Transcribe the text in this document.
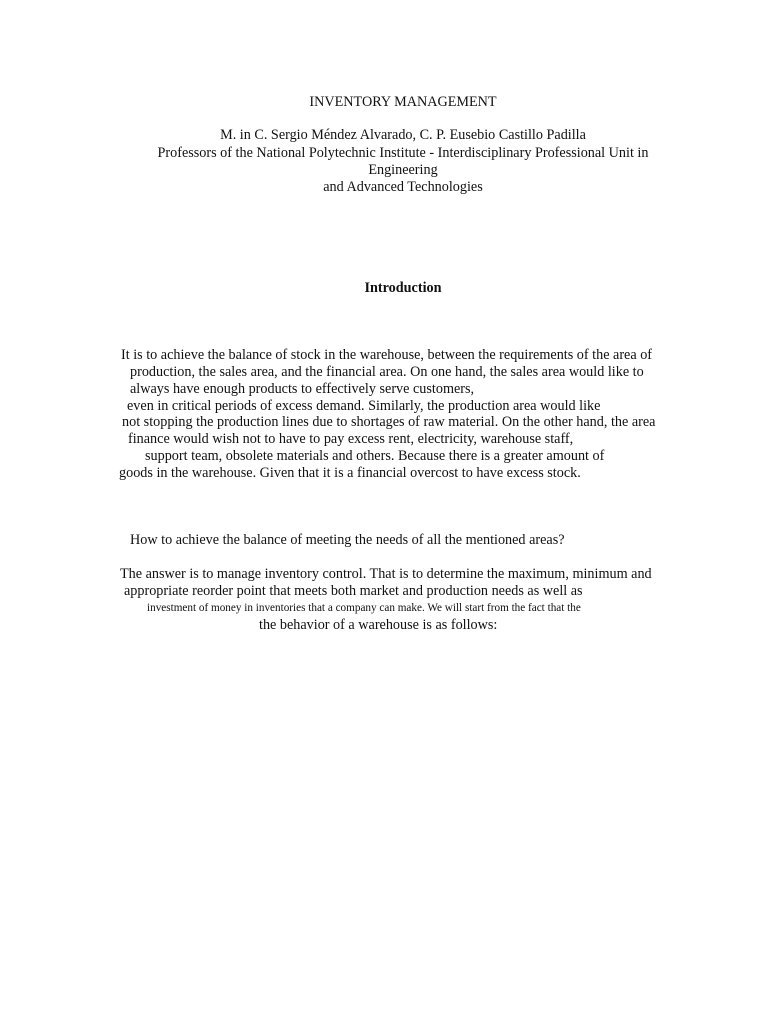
INVENTORY MANAGEMENT
M. in C. Sergio Méndez Alvarado, C. P. Eusebio Castillo Padilla
Professors of the National Polytechnic Institute - Interdisciplinary Professional Unit in
Engineering
and Advanced Technologies
Introduction
It is to achieve the balance of stock in the warehouse, between the requirements of the area of
production, the sales area, and the financial area. On one hand, the sales area would like to
always have enough products to effectively serve customers,
even in critical periods of excess demand. Similarly, the production area would like
not stopping the production lines due to shortages of raw material. On the other hand, the area
finance would wish not to have to pay excess rent, electricity, warehouse staff,
support team, obsolete materials and others. Because there is a greater amount of
goods in the warehouse. Given that it is a financial overcost to have excess stock.
How to achieve the balance of meeting the needs of all the mentioned areas?
The answer is to manage inventory control. That is to determine the maximum, minimum and
appropriate reorder point that meets both market and production needs as well as
investment of money in inventories that a company can make. We will start from the fact that the
the behavior of a warehouse is as follows:
